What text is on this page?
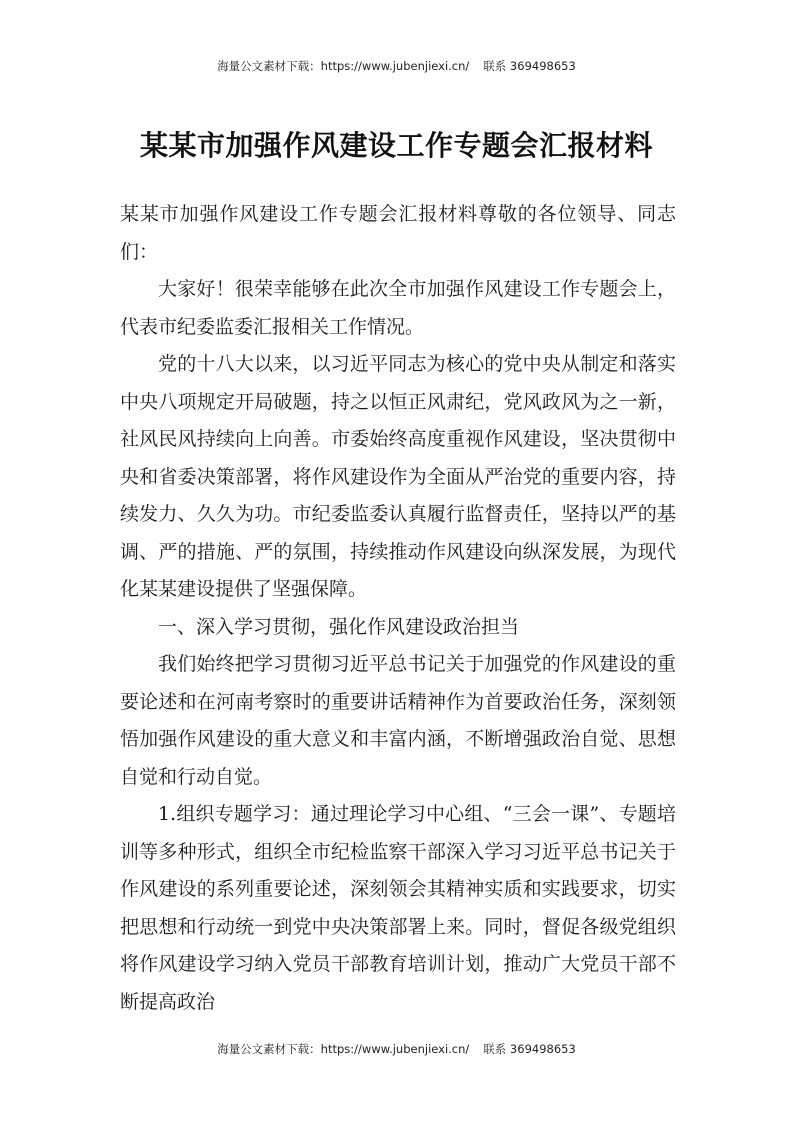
海量公文素材下载：https://www.jubenjiexi.cn/ 联系 369498653
某某市加强作风建设工作专题会汇报材料

某某市加强作风建设工作专题会汇报材料尊敬的各位领导、同志们：

大家好！很荣幸能够在此次全市加强作风建设工作专题会上，代表市纪委监委汇报相关工作情况。

党的十八大以来，以习近平同志为核心的党中央从制定和落实中央八项规定开局破题，持之以恒正风肃纪，党风政风为之一新，社风民风持续向上向善。市委始终高度重视作风建设，坚决贯彻中央和省委决策部署，将作风建设作为全面从严治党的重要内容，持续发力、久久为功。市纪委监委认真履行监督责任，坚持以严的基调、严的措施、严的氛围，持续推动作风建设向纵深发展，为现代化某某建设提供了坚强保障。

一、深入学习贯彻，强化作风建设政治担当

我们始终把学习贯彻习近平总书记关于加强党的作风建设的重要论述和在河南考察时的重要讲话精神作为首要政治任务，深刻领悟加强作风建设的重大意义和丰富内涵，不断增强政治自觉、思想自觉和行动自觉。

1.组织专题学习：通过理论学习中心组、“三会一课”、专题培训等多种形式，组织全市纪检监察干部深入学习习近平总书记关于作风建设的系列重要论述，深刻领会其精神实质和实践要求，切实把思想和行动统一到党中央决策部署上来。同时，督促各级党组织将作风建设学习纳入党员干部教育培训计划，推动广大党员干部不断提高政治

海量公文素材下载：https://www.jubenjiexi.cn/ 联系 369498653
